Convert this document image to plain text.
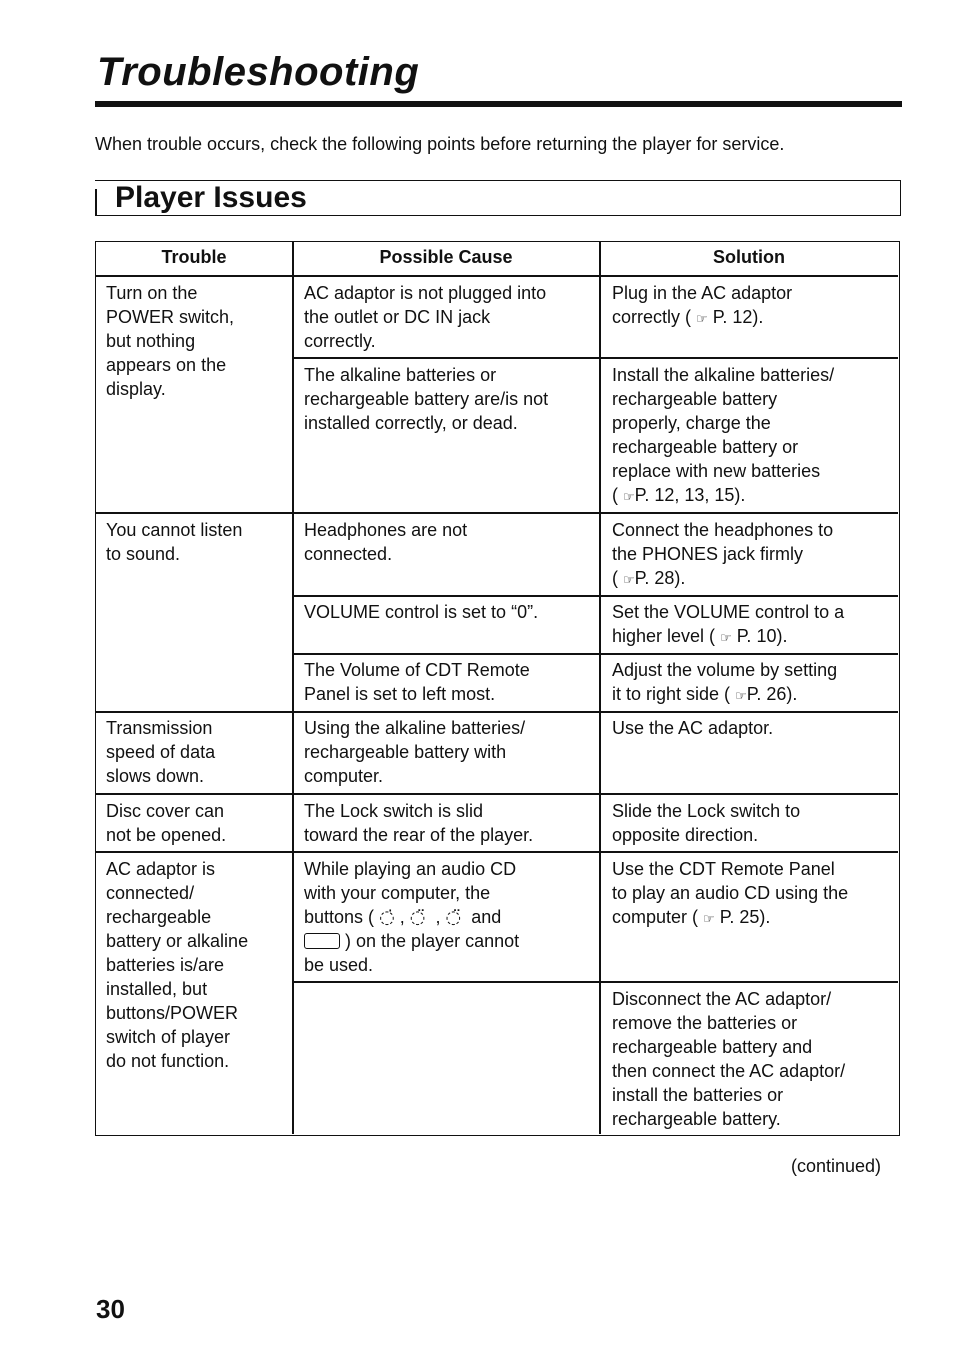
Troubleshooting
When trouble occurs, check the following points before returning the player for service.
Player Issues
Trouble	Possible Cause	Solution
Turn on the
POWER switch,
but nothing
appears on the
display.
You cannot listen
to sound.
Transmission
speed of data
slows down.
Disc cover can
not be opened.
AC adaptor is
connected/
rechargeable
battery or alkaline
batteries is/are
installed, but
buttons/POWER
switch of player
do not function.
AC adaptor is not plugged into
the outlet or DC IN jack
correctly.
The alkaline batteries or
rechargeable battery are/is not
installed correctly, or dead.
Headphones are not
connected.
VOLUME control is set to “0”.
The Volume of CDT Remote
Panel is set to left most.
Using the alkaline batteries/
rechargeable battery with
computer.
The Lock switch is slid
toward the rear of the player.
While playing an audio CD
with your computer, the
buttons ( ◌̇ , ◌̈  , ◌̈ and
) on the player cannot
be used.
Plug in the AC adaptor
correctly ( ☞ P. 12).
Install the alkaline batteries/
rechargeable battery
properly, charge the
rechargeable battery or
replace with new batteries
( ☞P. 12, 13, 15).
Connect the headphones to
the PHONES jack firmly
( ☞P. 28).
Set the VOLUME control to a
higher level ( ☞ P. 10).
Adjust the volume by setting
it to right side ( ☞P. 26).
Use the AC adaptor.
Slide the Lock switch to
opposite direction.
Use the CDT Remote Panel
to play an audio CD using the
computer ( ☞ P. 25).
Disconnect the AC adaptor/
remove the batteries or
rechargeable battery and
then connect the AC adaptor/
install the batteries or
rechargeable battery.
(continued)
30
